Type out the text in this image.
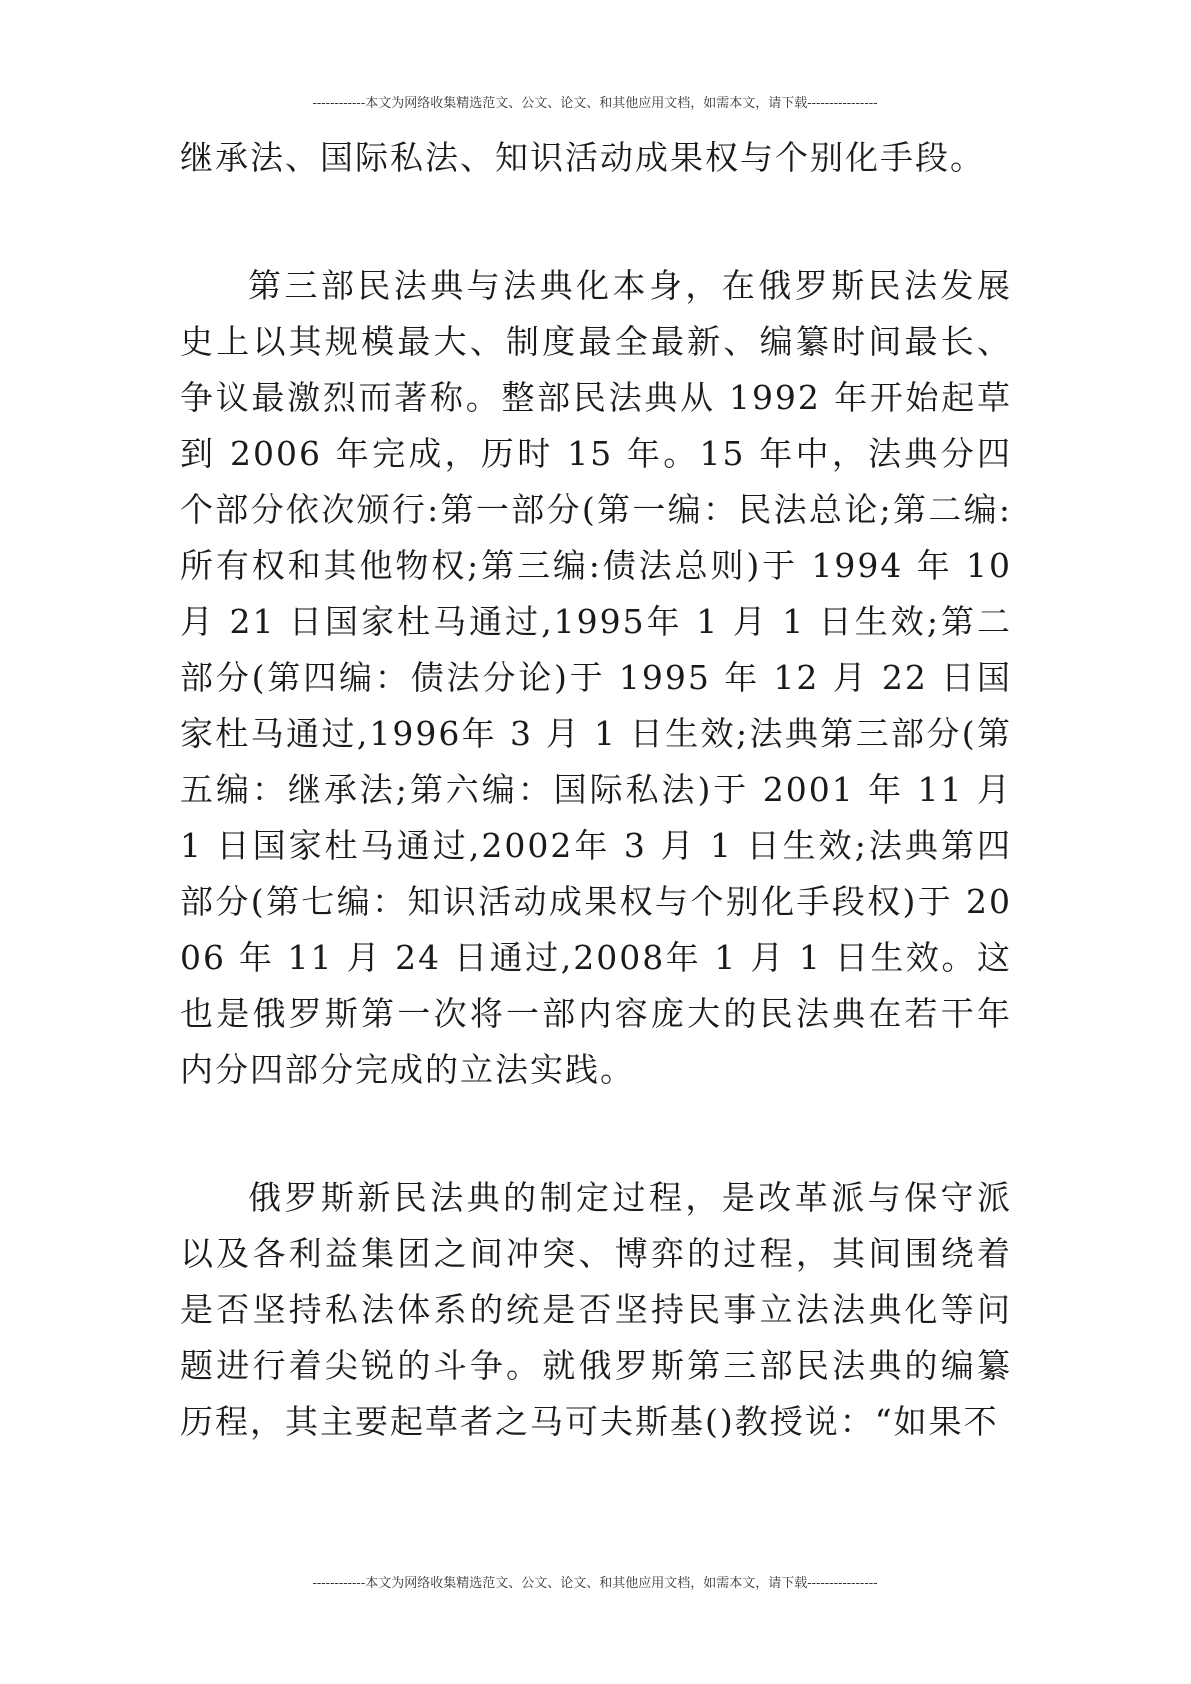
------------本文为网络收集精选范文、公文、论文、和其他应用文档，如需本文，请下载----------------

继承法、国际私法、知识活动成果权与个别化手段。

第三部民法典与法典化本身，在俄罗斯民法发展史上以其规模最大、制度最全最新、编纂时间最长、争议最激烈而著称。整部民法典从 1992 年开始起草到 2006 年完成，历时 15 年。15 年中，法典分四个部分依次颁行:第一部分(第一编：民法总论;第二编:所有权和其他物权;第三编:债法总则)于 1994 年 10 月 21 日国家杜马通过,1995年 1 月 1 日生效;第二部分(第四编：债法分论)于 1995 年 12 月 22 日国家杜马通过,1996年 3 月 1 日生效;法典第三部分(第五编：继承法;第六编：国际私法)于 2001 年 11 月 1 日国家杜马通过,2002年 3 月 1 日生效;法典第四部分(第七编：知识活动成果权与个别化手段权)于 2006 年 11 月 24 日通过,2008年 1 月 1 日生效。这也是俄罗斯第一次将一部内容庞大的民法典在若干年内分四部分完成的立法实践。

俄罗斯新民法典的制定过程，是改革派与保守派以及各利益集团之间冲突、博弈的过程，其间围绕着是否坚持私法体系的统是否坚持民事立法法典化等问题进行着尖锐的斗争。就俄罗斯第三部民法典的编纂历程，其主要起草者之马可夫斯基()教授说：“如果不

------------本文为网络收集精选范文、公文、论文、和其他应用文档，如需本文，请下载----------------
